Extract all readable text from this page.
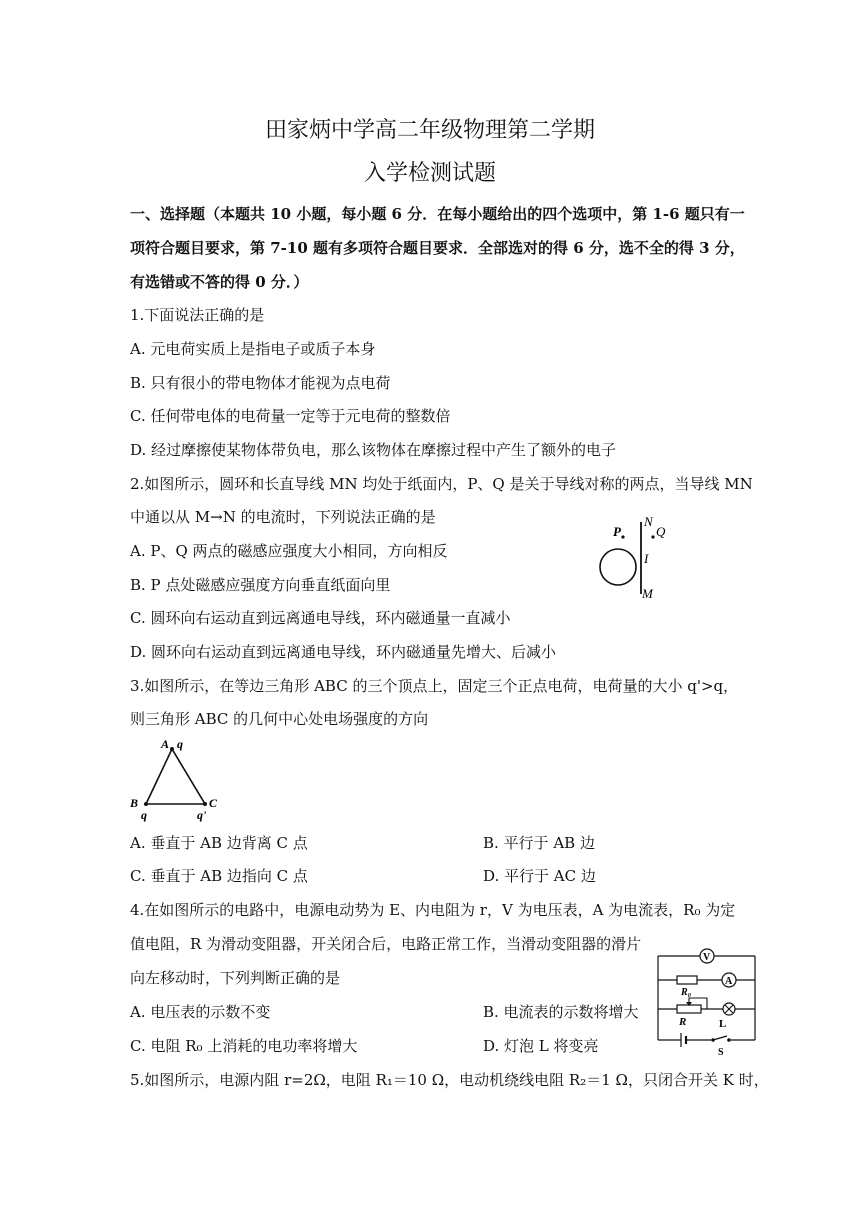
田家炳中学高二年级物理第二学期
入学检测试题
一、选择题（本题共 10 小题，每小题 6 分．在每小题给出的四个选项中，第 1-6 题只有一
项符合题目要求，第 7-10 题有多项符合题目要求．全部选对的得 6 分，选不全的得 3 分，
有选错或不答的得 0 分．）
1.下面说法正确的是
A. 元电荷实质上是指电子或质子本身
B. 只有很小的带电物体才能视为点电荷
C. 任何带电体的电荷量一定等于元电荷的整数倍
D. 经过摩擦使某物体带负电，那么该物体在摩擦过程中产生了额外的电子
2.如图所示，圆环和长直导线 MN 均处于纸面内，P、Q 是关于导线对称的两点，当导线 MN
中通以从 M→N 的电流时，下列说法正确的是
A. P、Q 两点的磁感应强度大小相同，方向相反
B. P 点处磁感应强度方向垂直纸面向里
C. 圆环向右运动直到远离通电导线，环内磁通量一直减小
D. 圆环向右运动直到远离通电导线，环内磁通量先增大、后减小
P
N
Q
I
M
3.如图所示，在等边三角形 ABC 的三个顶点上，固定三个正点电荷，电荷量的大小 q'>q，
则三角形 ABC 的几何中心处电场强度的方向
A q
B
q
C
q'
A. 垂直于 AB 边背离 C 点	B. 平行于 AB 边
C. 垂直于 AB 边指向 C 点	D. 平行于 AC 边
4.在如图所示的电路中，电源电动势为 E、内电阻为 r，V 为电压表，A 为电流表，R₀ 为定
值电阻，R 为滑动变阻器，开关闭合后，电路正常工作，当滑动变阻器的滑片
向左移动时，下列判断正确的是
A. 电压表的示数不变	B. 电流表的示数将增大
C. 电阻 R₀ 上消耗的电功率将增大	D. 灯泡 L 将变亮
V
R₀
A
R	L
S
5.如图所示，电源内阻 r=2Ω，电阻 R₁＝10 Ω，电动机绕线电阻 R₂＝1 Ω，只闭合开关 K 时，
